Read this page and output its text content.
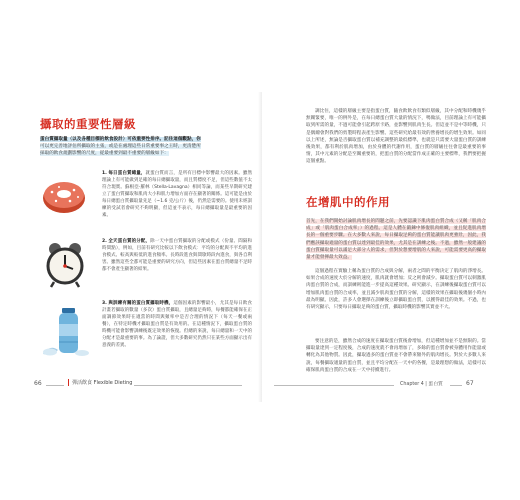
攝取的重要性層級
蛋白質攝取量（以及各種目標的飲食設計）可依重要性排序。記住這個觀點，你
可以更完善地評估所攝取的主張，或是在處理這些日常重要事之王時，更清楚所
採取的飲食規劃影響的尺度，從最重要到最不重要的層級如下：
1. 每日蛋白質總量，就蛋白質而言，是所有目標中影響最大的因素。雖然理論上有可能做到足確的每日總攝取量，而且質標度不足，但這些數值不太符合現實。蘇根亞‧羅林（Stella-Lavagna）相同等論，而某些早期研究建立了蛋白質攝取和肌肉大小和肌力增加方面存在顯著的關係。這可能是由於每日總蛋白質攝取量先足（~1.6 克/公斤）後，仍然是需要的。使用未經訓練的受試者會研究不夠明顯，但這並不表示，每日總攝取量是最重要的因素。
2. 全天蛋白質的分配，除一天中蛋白質攝取的分配或模式（份量、間隔和時間點），例如，目前有研究比較以下飲食模式：平均的分配與不平均的進食模式、較高與較低的進食頻率。長時段進食與間歇時段內進食，與各自利害。雖然這些全都可能是重要的研究方向，但這些因素在蛋白質總量不足時都不會產生顯著的結果。
3. 與訓練有關的蛋白質攝取時機，這個因素的影響最小，尤其是每日飲食計畫若攝取的數量（多次）蛋白質攝取，且總量足夠時，每餐都能確保在正面調節效果時在適當的時間與頻率中是否合理的情況下（每天一餐或兩餐），在特定時機才攝取蛋白質是有效用的。在這種情況下，攝取蛋白質的時機可能會影響訓練後既定效果的恢復。但總的來說，每日總量和一天中的分配才是最重要的事。為了論證，但大多數研究仍然只在某些方面顯示出有意義的差異。
66	彈活飲食 Flexible Dieting

調比住，這樣的層級主要是指蛋白質，隨食飲飲食有類似層級，其中分配和時機幾乎無關緊要，唯一的例外是，在每日總蛋白質大量的情況下，嗎做法，目前理論上有可能攝取到所需的量，不過可能會引起跨原卡路，並影響到肌肉生長。但這並不是中等時機，只是偶爾會對我們的剪製時程表產生影響。這些研究給最有效的營養增長的增生效果。如同以上所述，無論是否攝取蛋白質以補充調整的最低標準，也就是只需要大量蛋白質的訓練後效果，都有利於肌肉增加，由於身體的代謝作用，蛋白質的層級往往會是最重要的事情，其中元素的分配是至關重要的，把蛋白質的分配當作成正確的主要標準，我們要把握這個重點。

在增肌中的作用

首先，在我們開始討論肌肉增長的問題之前，先要認識下肌肉蛋白質合成（又稱「肌肉合成」或「肌肉蛋白合成率」）的過程。這是人體在鍛鍊中修復肌肉組織，並且促進肌肉增長的一個重要步驟。在大多數人來說，每日攝取足夠的蛋白質能讓肌肉更強壯，因此，我們應該攝取適量的蛋白質以達到最佳的效果，尤其是在訓練之後。不過，雖然一般建議的蛋白質攝取量可以滿足大部分人的需求，但對於想要增肌的人來說，可能需要更高的攝取量才能發揮最大效益。

這個過程在實驗上稱為蛋白質的合成與分解，兩者之間的平衡決定了肌肉的淨增長。如果合成的速度大於分解的速度，肌肉就會增加；反之則會減少。攝取蛋白質可以刺激肌肉蛋白質的合成，而訓練則能進一步提高這種效果。研究顯示，在訓練後攝取蛋白質可以增加肌肉蛋白質的合成率，並且減少肌肉蛋白質的分解，這樣的效果在攝取後幾個小時內最為明顯。因此，許多人會選擇在訓練後立即攝取蛋白質，以獲得最佳的效果。不過，也有研究顯示，只要每日攝取足夠的蛋白質，攝取時機的影響其實並不大。

要注意的是，雖然合成的速度在攝取蛋白質後會增加，但這種增加並不是無限的。當攝取量達到一定程度後，合成的速度就不會再增加了，多餘的蛋白質會被身體用作能量或轉化為其他物質。因此，攝取過多的蛋白質並不會帶來額外的肌肉增長。對於大多數人來說，每餐攝取適量的蛋白質，並且平均分配在一天中的各餐，是最理想的做法，這樣可以確保肌肉蛋白質的合成在一天中持續進行。

Chapter 4 | 蛋白質	67
